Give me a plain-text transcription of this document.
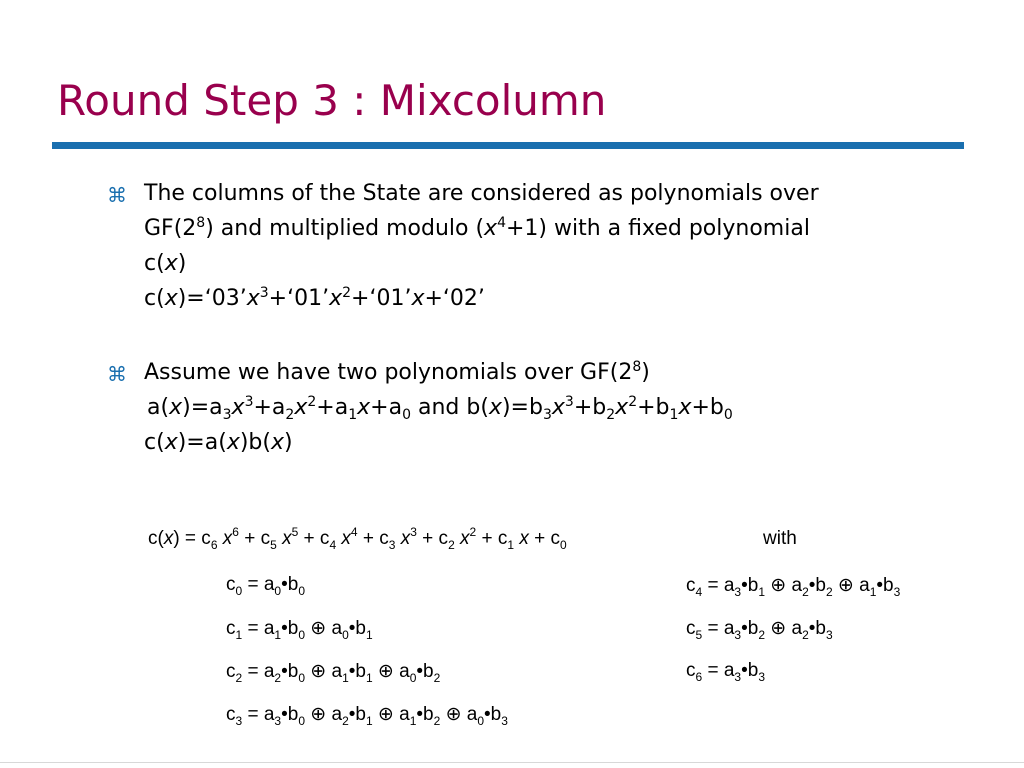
Round Step 3 : Mixcolumn
⌘ The columns of the State are considered as polynomials over
$GF(2^8)$ and multiplied modulo $(x^4+1)$ with a fixed polynomial
c(x)
$c(x)=‘03’x^3+‘01’x^2+‘01’x+‘02$’
⌘ Assume we have two polynomials over $GF(2^8)$
$a(x)=a_3x^3+a_2x^2+a_1x+a_0$ and $b(x)=b_3x^3+b_2x^2+b_1x+b_0$
c(x)=a(x)b(x)
$c(x) = c_6$ $x^6 + c_5$ $x^5 + c_4$ $x^4 + c_3$ $x^3 + c_2$ $x^2 + c_1$ $x + c_0$	with
$c_0$ = $a_0•b_0$
$c_1$ = $a_1•b_0$ ⊕ $a_0•b_1$
$c_2$ = $a_2•b_0$ ⊕ $a_1•b_1$ ⊕ $a_0•b_2$
$c_3$ = $a_3•b_0$ ⊕ $a_2•b_1$ ⊕ $a_1•b_2$ ⊕ $a_0•b_3$
$c_4$ = $a_3•b_1$ ⊕ $a_2•b_2$ ⊕ $a_1•b_3$
$c_5$ = $a_3•b_2$ ⊕ $a_2•b_3$
$c_6$ = $a_3•b_3$
